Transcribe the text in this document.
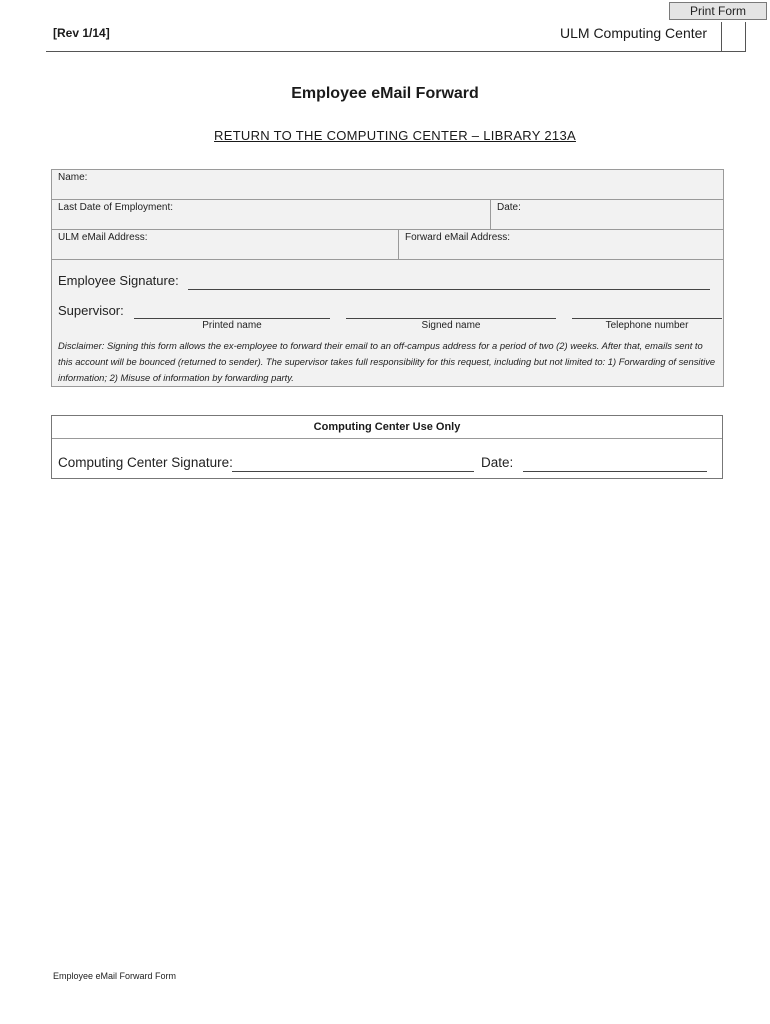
Print Form
[Rev 1/14]	ULM Computing Center
Employee eMail Forward
RETURN TO THE COMPUTING CENTER – LIBRARY 213A
Name:
Last Date of Employment:	Date:
ULM eMail Address:	Forward eMail Address:
Employee Signature:
Supervisor:
Printed name	Signed name	Telephone number
Disclaimer: Signing this form allows the ex-employee to forward their email to an off-campus address for a period of two (2) weeks. After that, emails sent to this account will be bounced (returned to sender). The supervisor takes full responsibility for this request, including but not limited to: 1) Forwarding of sensitive information; 2) Misuse of information by forwarding party.
Computing Center Use Only
Computing Center Signature:	Date:
Employee eMail Forward Form
